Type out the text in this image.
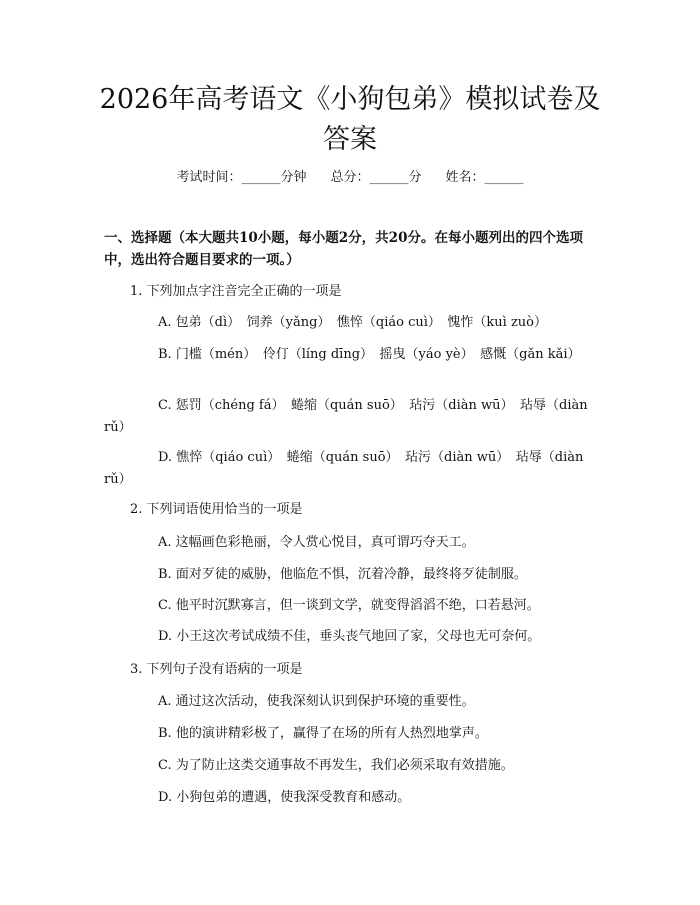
2026年高考语文《小狗包弟》模拟试卷及答案
考试时间：______分钟 总分：______分 姓名：______

一、选择题（本大题共10小题，每小题2分，共20分。在每小题列出的四个选项中，选出符合题目要求的一项。）

1. 下列加点字注音完全正确的一项是
A. 包弟（dì）　饲养（yǎng）　憔悴（qiáo cuì）　愧怍（kuì zuò）
B. 门槛（mén）　伶仃（líng dīng）　摇曳（yáo yè）　感慨（gǎn kǎi）
C. 惩罚（chéng fá）　蜷缩（quán suō）　玷污（diàn wū）　玷辱（diàn rǔ）
D. 憔悴（qiáo cuì）　蜷缩（quán suō）　玷污（diàn wū）　玷辱（diàn rǔ）
2. 下列词语使用恰当的一项是
A. 这幅画色彩艳丽，令人赏心悦目，真可谓巧夺天工。
B. 面对歹徒的威胁，他临危不惧，沉着冷静，最终将歹徒制服。
C. 他平时沉默寡言，但一谈到文学，就变得滔滔不绝，口若悬河。
D. 小王这次考试成绩不佳，垂头丧气地回了家，父母也无可奈何。
3. 下列句子没有语病的一项是
A. 通过这次活动，使我深刻认识到保护环境的重要性。
B. 他的演讲精彩极了，赢得了在场的所有人热烈地掌声。
C. 为了防止这类交通事故不再发生，我们必须采取有效措施。
D. 小狗包弟的遭遇，使我深受教育和感动。
